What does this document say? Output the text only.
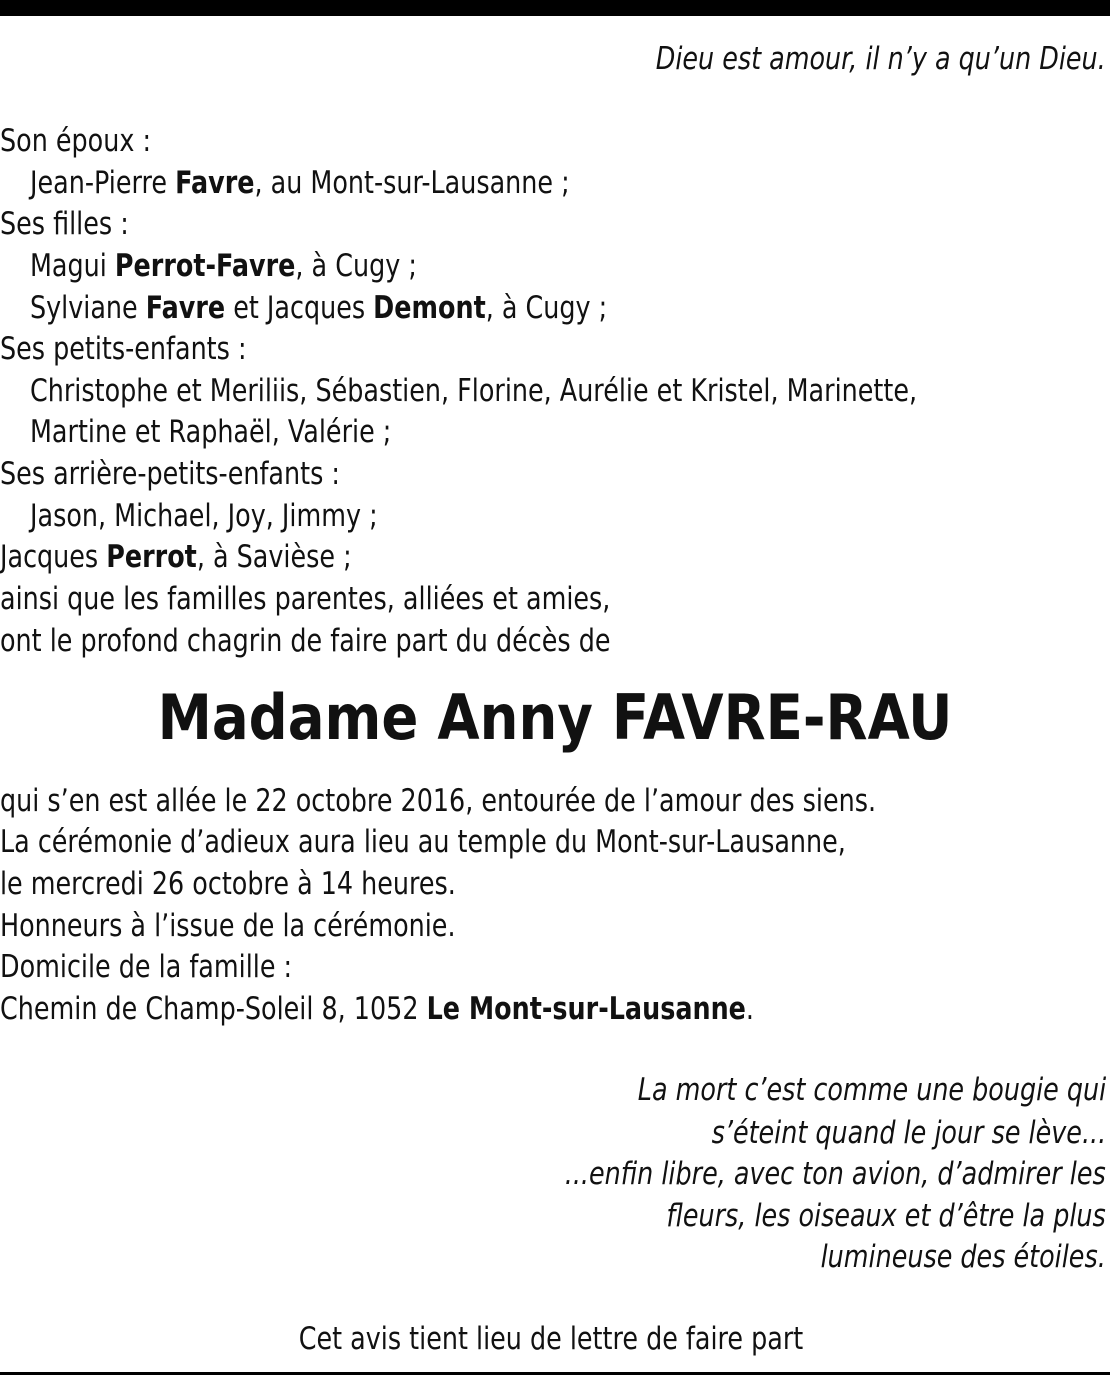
Dieu est amour, il n’y a qu’un Dieu.
Son époux :
Jean-Pierre Favre, au Mont-sur-Lausanne ;
Ses filles :
Magui Perrot-Favre, à Cugy ;
Sylviane Favre et Jacques Demont, à Cugy ;
Ses petits-enfants :
Christophe et Meriliis, Sébastien, Florine, Aurélie et Kristel, Marinette,
Martine et Raphaël, Valérie ;
Ses arrière-petits-enfants :
Jason, Michael, Joy, Jimmy ;
Jacques Perrot, à Savièse ;
ainsi que les familles parentes, alliées et amies,
ont le profond chagrin de faire part du décès de
Madame Anny FAVRE-RAU
qui s’en est allée le 22 octobre 2016, entourée de l’amour des siens.
La cérémonie d’adieux aura lieu au temple du Mont-sur-Lausanne,
le mercredi 26 octobre à 14 heures.
Honneurs à l’issue de la cérémonie.
Domicile de la famille :
Chemin de Champ-Soleil 8, 1052 Le Mont-sur-Lausanne.
La mort c’est comme une bougie qui
s’éteint quand le jour se lève...
...enfin libre, avec ton avion, d’admirer les
fleurs, les oiseaux et d’être la plus
lumineuse des étoiles.
Cet avis tient lieu de lettre de faire part
